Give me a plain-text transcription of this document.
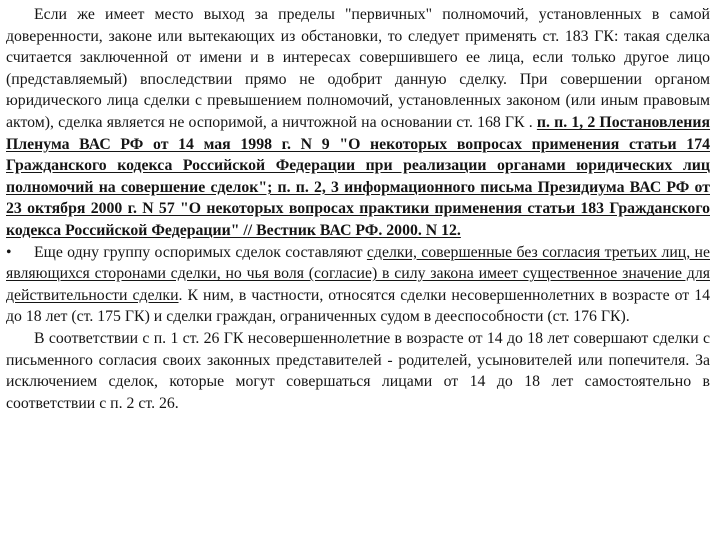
Если же имеет место выход за пределы "первичных" полномочий, установленных в самой доверенности, законе или вытекающих из обстановки, то следует применять ст. 183 ГК: такая сделка считается заключенной от имени и в интересах совершившего ее лица, если только другое лицо (представляемый) впоследствии прямо не одобрит данную сделку. При совершении органом юридического лица сделки с превышением полномочий, установленных законом (или иным правовым актом), сделка является не оспоримой, а ничтожной на основании ст. 168 ГК . п. п. 1, 2 Постановления Пленума ВАС РФ от 14 мая 1998 г. N 9 "О некоторых вопросах применения статьи 174 Гражданского кодекса Российской Федерации при реализации органами юридических лиц полномочий на совершение сделок"; п. п. 2, 3 информационного письма Президиума ВАС РФ от 23 октября 2000 г. N 57 "О некоторых вопросах практики применения статьи 183 Гражданского кодекса Российской Федерации" // Вестник ВАС РФ. 2000. N 12.

• Еще одну группу оспоримых сделок составляют сделки, совершенные без согласия третьих лиц, не являющихся сторонами сделки, но чья воля (согласие) в силу закона имеет существенное значение для действительности сделки. К ним, в частности, относятся сделки несовершеннолетних в возрасте от 14 до 18 лет (ст. 175 ГК) и сделки граждан, ограниченных судом в дееспособности (ст. 176 ГК).

В соответствии с п. 1 ст. 26 ГК несовершеннолетние в возрасте от 14 до 18 лет совершают сделки с письменного согласия своих законных представителей - родителей, усыновителей или попечителя. За исключением сделок, которые могут совершаться лицами от 14 до 18 лет самостоятельно в соответствии с п. 2 ст. 26.
